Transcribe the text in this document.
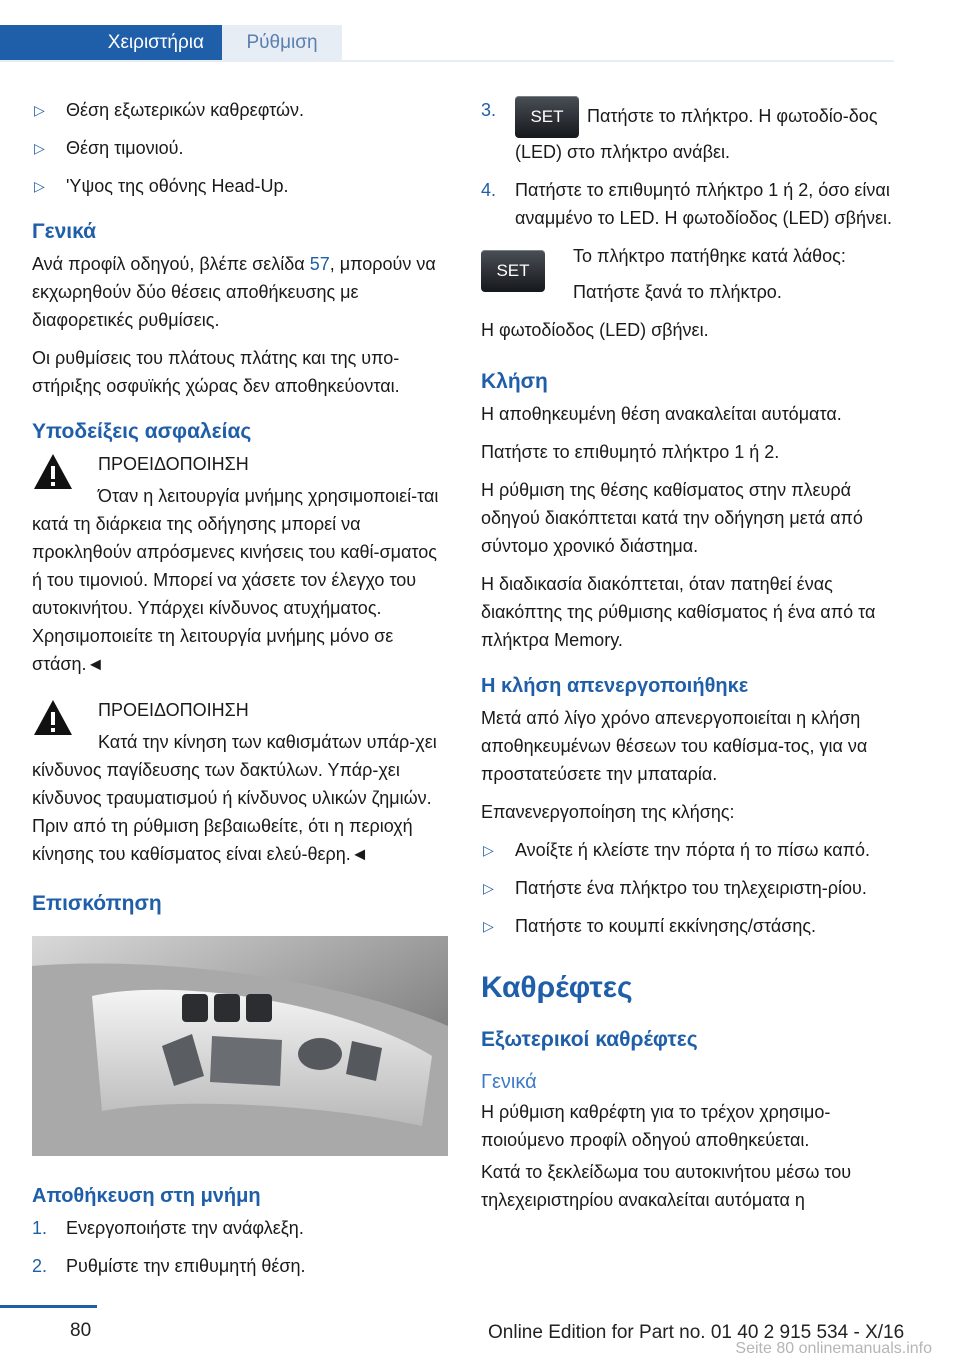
Χειριστήρια	Ρύθμιση
▷ Θέση εξωτερικών καθρεφτών.
▷ Θέση τιμονιού.
▷ 'Υψος της οθόνης Head-Up.
Γενικά

Ανά προφίλ οδηγού, βλέπε σελίδα 57, μπορούν να εκχωρηθούν δύο θέσεις αποθήκευσης με διαφορετικές ρυθμίσεις.

Οι ρυθμίσεις του πλάτους πλάτης και της υπο-στήριξης οσφυϊκής χώρας δεν αποθηκεύονται.

Υποδείξεις ασφαλείας

ΠΡΟΕΙΔΟΠΟΙΗΣΗ

Όταν η λειτουργία μνήμης χρησιμοποιεί-ται κατά τη διάρκεια της οδήγησης μπορεί να προκληθούν απρόσμενες κινήσεις του καθί-σματος ή του τιμονιού. Μπορεί να χάσετε τον έλεγχο του αυτοκινήτου. Υπάρχει κίνδυνος ατυχήματος. Χρησιμοποιείτε τη λειτουργία μνήμης μόνο σε στάση.◄

ΠΡΟΕΙΔΟΠΟΙΗΣΗ

Κατά την κίνηση των καθισμάτων υπάρ-χει κίνδυνος παγίδευσης των δακτύλων. Υπάρ-χει κίνδυνος τραυματισμού ή κίνδυνος υλικών ζημιών. Πριν από τη ρύθμιση βεβαιωθείτε, ότι η περιοχή κίνησης του καθίσματος είναι ελεύ-θερη.◄

Επισκόπηση
Αποθήκευση στη μνήμη
1. Ενεργοποιήστε την ανάφλεξη.
2. Ρυθμίστε την επιθυμητή θέση.
3. SET Πατήστε το πλήκτρο. Η φωτοδίο-δος (LED) στο πλήκτρο ανάβει.
4. Πατήστε το επιθυμητό πλήκτρο 1 ή 2, όσο είναι αναμμένο το LED. Η φωτοδίοδος (LED) σβήνει.
SET

Το πλήκτρο πατήθηκε κατά λάθος:

Πατήστε ξανά το πλήκτρο.

Η φωτοδίοδος (LED) σβήνει.

Κλήση

Η αποθηκευμένη θέση ανακαλείται αυτόματα.

Πατήστε το επιθυμητό πλήκτρο 1 ή 2.

Η ρύθμιση της θέσης καθίσματος στην πλευρά οδηγού διακόπτεται κατά την οδήγηση μετά από σύντομο χρονικό διάστημα.

Η διαδικασία διακόπτεται, όταν πατηθεί ένας διακόπτης της ρύθμισης καθίσματος ή ένα από τα πλήκτρα Memory.

Η κλήση απενεργοποιήθηκε

Μετά από λίγο χρόνο απενεργοποιείται η κλήση αποθηκευμένων θέσεων του καθίσμα-τος, για να προστατεύσετε την μπαταρία.

Επανενεργοποίηση της κλήσης:

▷ Ανοίξτε ή κλείστε την πόρτα ή το πίσω καπό.
▷ Πατήστε ένα πλήκτρο του τηλεχειριστη-ρίου.
▷ Πατήστε το κουμπί εκκίνησης/στάσης.
Καθρέφτες
Εξωτερικοί καθρέφτες
Γενικά

Η ρύθμιση καθρέφτη για το τρέχον χρησιμο-ποιούμενο προφίλ οδηγού αποθηκεύεται.

Κατά το ξεκλείδωμα του αυτοκινήτου μέσω του τηλεχειριστηρίου ανακαλείται αυτόματα η

80	Online Edition for Part no. 01 40 2 915 534 - X/16
Seite 80 onlinemanuals.info
